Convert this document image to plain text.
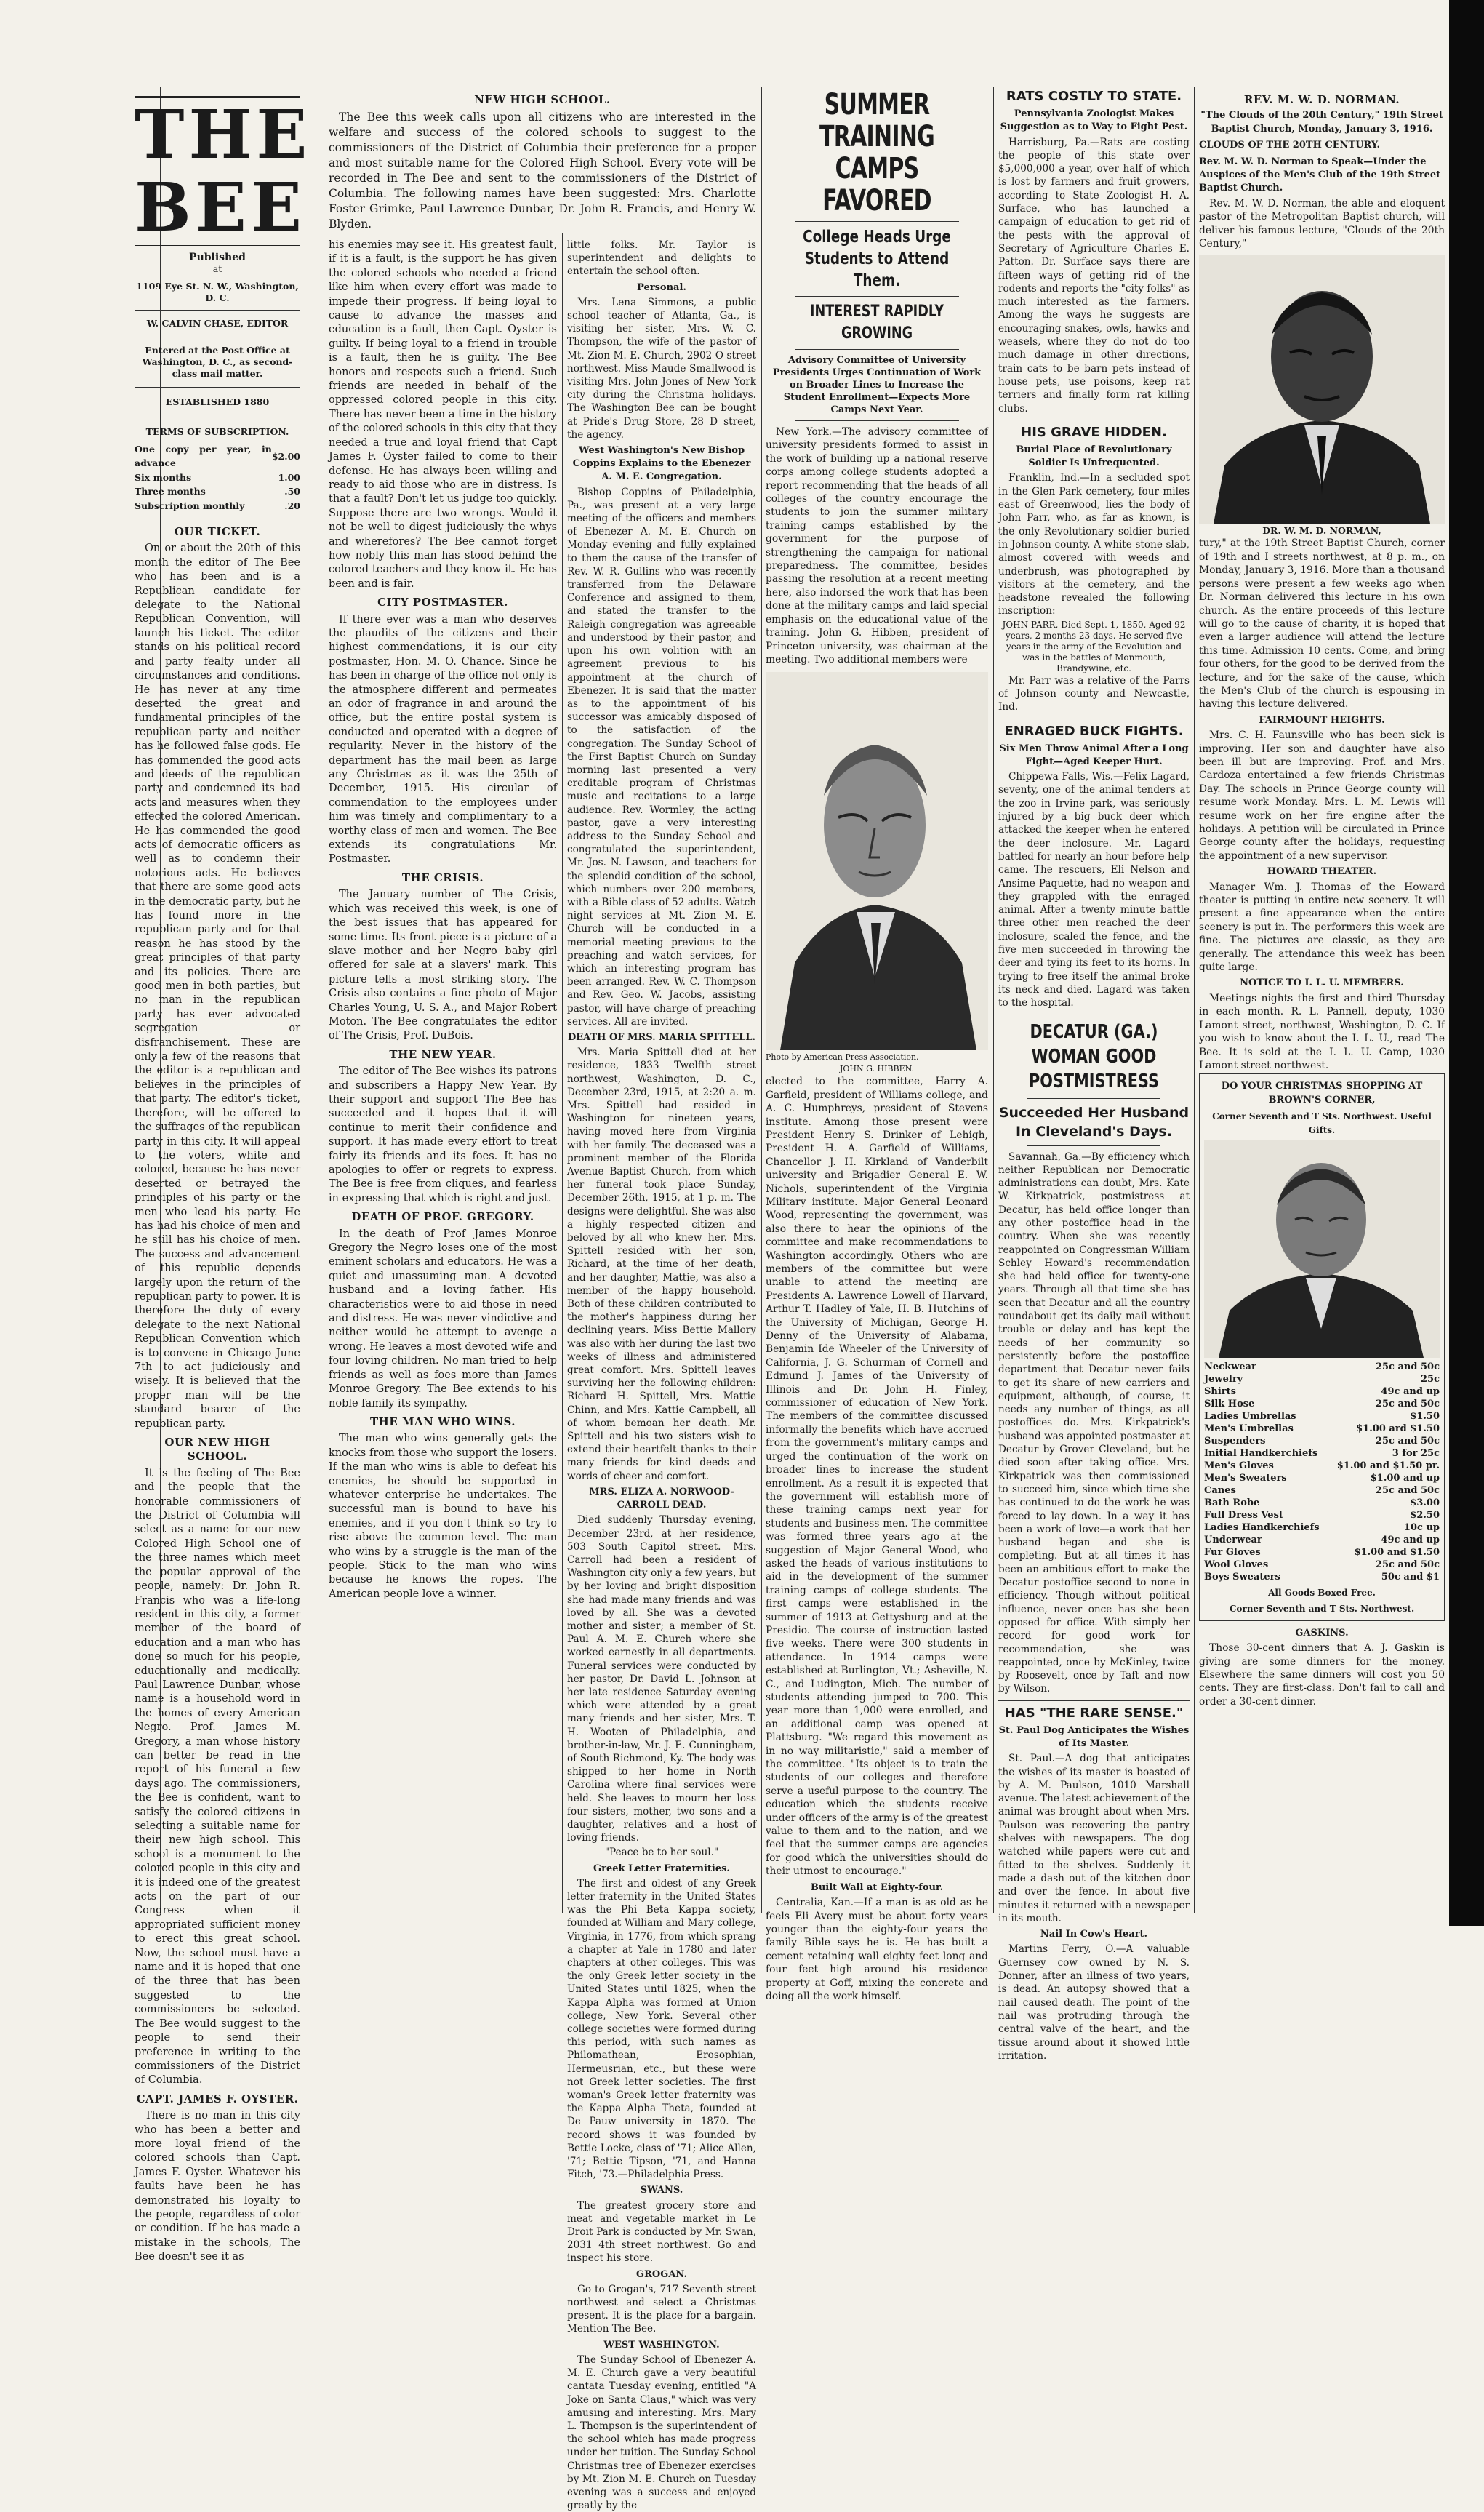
THE BEE
Published
at
1109 Eye St. N. W., Washington, D. C.
W. CALVIN CHASE, EDITOR
Entered at the Post Office at Washington, D. C., as second-class mail matter.
ESTABLISHED 1880
TERMS OF SUBSCRIPTION.
One copy per year, in advance	$2.00
Six months	1.00
Three months	.50
Subscription monthly	.20
OUR TICKET.

On or about the 20th of this month the editor of The Bee who has been and is a Republican candidate for delegate to the National Republican Convention, will launch his ticket. The editor stands on his political record and party fealty under all circumstances and conditions. He has never at any time deserted the great and fundamental principles of the republican party and neither has he followed false gods. He has commended the good acts and deeds of the republican party and condemned its bad acts and measures when they effected the colored American. He has commended the good acts of democratic officers as well as to condemn their notorious acts. He believes that there are some good acts in the democratic party, but he has found more in the republican party and for that reason he has stood by the great principles of that party and its policies. There are good men in both parties, but no man in the republican party has ever advocated segregation or disfranchisement. These are only a few of the reasons that the editor is a republican and believes in the principles of that party. The editor's ticket, therefore, will be offered to the suffrages of the republican party in this city. It will appeal to the voters, white and colored, because he has never deserted or betrayed the principles of his party or the men who lead his party. He has had his choice of men and he still has his choice of men. The success and advancement of this republic depends largely upon the return of the republican party to power. It is therefore the duty of every delegate to the next National Republican Convention which is to convene in Chicago June 7th to act judiciously and wisely. It is believed that the proper man will be the standard bearer of the republican party.

OUR NEW HIGH SCHOOL.

It is the feeling of The Bee and the people that the honorable commissioners of the District of Columbia will select as a name for our new Colored High School one of the three names which meet the popular approval of the people, namely: Dr. John R. Francis who was a life-long resident in this city, a former member of the board of education and a man who has done so much for his people, educationally and medically. Paul Lawrence Dunbar, whose name is a household word in the homes of every American Negro. Prof. James M. Gregory, a man whose history can better be read in the report of his funeral a few days ago. The commissioners, the Bee is confident, want to satisfy the colored citizens in selecting a suitable name for their new high school. This school is a monument to the colored people in this city and it is indeed one of the greatest acts on the part of our Congress when it appropriated sufficient money to erect this great school. Now, the school must have a name and it is hoped that one of the three that has been suggested to the commissioners be selected. The Bee would suggest to the people to send their preference in writing to the commissioners of the District of Columbia.

CAPT. JAMES F. OYSTER.

There is no man in this city who has been a better and more loyal friend of the colored schools than Capt. James F. Oyster. Whatever his faults have been he has demonstrated his loyalty to the people, regardless of color or condition. If he has made a mistake in the schools, The Bee doesn't see it as

NEW HIGH SCHOOL.

The Bee this week calls upon all citizens who are interested in the welfare and success of the colored schools to suggest to the commissioners of the District of Columbia their preference for a proper and most suitable name for the Colored High School. Every vote will be recorded in The Bee and sent to the commissioners of the District of Columbia. The following names have been suggested: Mrs. Charlotte Foster Grimke, Paul Lawrence Dunbar, Dr. John R. Francis, and Henry W. Blyden.

his enemies may see it. His greatest fault, if it is a fault, is the support he has given the colored schools who needed a friend like him when every effort was made to impede their progress. If being loyal to cause to advance the masses and education is a fault, then Capt. Oyster is guilty. If being loyal to a friend in trouble is a fault, then he is guilty. The Bee honors and respects such a friend. Such friends are needed in behalf of the oppressed colored people in this city. There has never been a time in the history of the colored schools in this city that they needed a true and loyal friend that Capt James F. Oyster failed to come to their defense. He has always been willing and ready to aid those who are in distress. Is that a fault? Don't let us judge too quickly. Suppose there are two wrongs. Would it not be well to digest judiciously the whys and wherefores? The Bee cannot forget how nobly this man has stood behind the colored teachers and they know it. He has been and is fair.

CITY POSTMASTER.

If there ever was a man who deserves the plaudits of the citizens and their highest commendations, it is our city postmaster, Hon. M. O. Chance. Since he has been in charge of the office not only is the atmosphere different and permeates an odor of fragrance in and around the office, but the entire postal system is conducted and operated with a degree of regularity. Never in the history of the department has the mail been as large any Christmas as it was the 25th of December, 1915. His circular of commendation to the employees under him was timely and complimentary to a worthy class of men and women. The Bee extends its congratulations Mr. Postmaster.

THE CRISIS.

The January number of The Crisis, which was received this week, is one of the best issues that has appeared for some time. Its front piece is a picture of a slave mother and her Negro baby girl offered for sale at a slavers' mark. This picture tells a most striking story. The Crisis also contains a fine photo of Major Charles Young, U. S. A., and Major Robert Moton. The Bee congratulates the editor of The Crisis, Prof. DuBois.

THE NEW YEAR.

The editor of The Bee wishes its patrons and subscribers a Happy New Year. By their support and support The Bee has succeeded and it hopes that it will continue to merit their confidence and support. It has made every effort to treat fairly its friends and its foes. It has no apologies to offer or regrets to express. The Bee is free from cliques, and fearless in expressing that which is right and just.

DEATH OF PROF. GREGORY.

In the death of Prof James Monroe Gregory the Negro loses one of the most eminent scholars and educators. He was a quiet and unassuming man. A devoted husband and a loving father. His characteristics were to aid those in need and distress. He was never vindictive and neither would he attempt to avenge a wrong. He leaves a most devoted wife and four loving children. No man tried to help friends as well as foes more than James Monroe Gregory. The Bee extends to his noble family its sympathy.

THE MAN WHO WINS.

The man who wins generally gets the knocks from those who support the losers. If the man who wins is able to defeat his enemies, he should be supported in whatever enterprise he undertakes. The successful man is bound to have his enemies, and if you don't think so try to rise above the common level. The man who wins by a struggle is the man of the people. Stick to the man who wins because he knows the ropes. The American people love a winner.

little folks. Mr. Taylor is superintendent and delights to entertain the school often.

Personal.

Mrs. Lena Simmons, a public school teacher of Atlanta, Ga., is visiting her sister, Mrs. W. C. Thompson, the wife of the pastor of Mt. Zion M. E. Church, 2902 O street northwest. Miss Maude Smallwood is visiting Mrs. John Jones of New York city during the Christma holidays. The Washington Bee can be bought at Pride's Drug Store, 28 D street, the agency.

West Washington's New Bishop Coppins Explains to the Ebenezer A. M. E. Congregation.

Bishop Coppins of Philadelphia, Pa., was present at a very large meeting of the officers and members of Ebenezer A. M. E. Church on Monday evening and fully explained to them the cause of the transfer of Rev. W. R. Gullins who was recently transferred from the Delaware Conference and assigned to them, and stated the transfer to the Raleigh congregation was agreeable and understood by their pastor, and upon his own volition with an agreement previous to his appointment at the church of Ebenezer. It is said that the matter as to the appointment of his successor was amicably disposed of to the satisfaction of the congregation. The Sunday School of the First Baptist Church on Sunday morning last presented a very creditable program of Christmas music and recitations to a large audience. Rev. Wormley, the acting pastor, gave a very interesting address to the Sunday School and congratulated the superintendent, Mr. Jos. N. Lawson, and teachers for the splendid condition of the school, which numbers over 200 members, with a Bible class of 52 adults. Watch night services at Mt. Zion M. E. Church will be conducted in a memorial meeting previous to the preaching and watch services, for which an interesting program has been arranged. Rev. W. C. Thompson and Rev. Geo. W. Jacobs, assisting pastor, will have charge of preaching services. All are invited.

DEATH OF MRS. MARIA SPITTELL.

Mrs. Maria Spittell died at her residence, 1833 Twelfth street northwest, Washington, D. C., December 23rd, 1915, at 2:20 a. m. Mrs. Spittell had resided in Washington for nineteen years, having moved here from Virginia with her family. The deceased was a prominent member of the Florida Avenue Baptist Church, from which her funeral took place Sunday, December 26th, 1915, at 1 p. m. The designs were delightful. She was also a highly respected citizen and beloved by all who knew her. Mrs. Spittell resided with her son, Richard, at the time of her death, and her daughter, Mattie, was also a member of the happy household. Both of these children contributed to the mother's happiness during her declining years. Miss Bettie Mallory was also with her during the last two weeks of illness and administered great comfort. Mrs. Spittell leaves surviving her the following children: Richard H. Spittell, Mrs. Mattie Chinn, and Mrs. Kattie Campbell, all of whom bemoan her death. Mr. Spittell and his two sisters wish to extend their heartfelt thanks to their many friends for kind deeds and words of cheer and comfort.

MRS. ELIZA A. NORWOOD-CARROLL DEAD.

Died suddenly Thursday evening, December 23rd, at her residence, 503 South Capitol street. Mrs. Carroll had been a resident of Washington city only a few years, but by her loving and bright disposition she had made many friends and was loved by all. She was a devoted mother and sister; a member of St. Paul A. M. E. Church where she worked earnestly in all departments. Funeral services were conducted by her pastor, Dr. David L. Johnson at her late residence Saturday evening which were attended by a great many friends and her sister, Mrs. T. H. Wooten of Philadelphia, and brother-in-law, Mr. J. E. Cunningham, of South Richmond, Ky. The body was shipped to her home in North Carolina where final services were held. She leaves to mourn her loss four sisters, mother, two sons and a daughter, relatives and a host of loving friends.

"Peace be to her soul."
Greek Letter Fraternities.

The first and oldest of any Greek letter fraternity in the United States was the Phi Beta Kappa society, founded at William and Mary college, Virginia, in 1776, from which sprang a chapter at Yale in 1780 and later chapters at other colleges. This was the only Greek letter society in the United States until 1825, when the Kappa Alpha was formed at Union college, New York. Several other college societies were formed during this period, with such names as Philomathean, Erosophian, Hermeusrian, etc., but these were not Greek letter societies. The first woman's Greek letter fraternity was the Kappa Alpha Theta, founded at De Pauw university in 1870. The record shows it was founded by Bettie Locke, class of '71; Alice Allen, '71; Bettie Tipson, '71, and Hanna Fitch, '73.—Philadelphia Press.

SWANS.

The greatest grocery store and meat and vegetable market in Le Droit Park is conducted by Mr. Swan, 2031 4th street northwest. Go and inspect his store.

GROGAN.

Go to Grogan's, 717 Seventh street northwest and select a Christmas present. It is the place for a bargain. Mention The Bee.

WEST WASHINGTON.

The Sunday School of Ebenezer A. M. E. Church gave a very beautiful cantata Tuesday evening, entitled "A Joke on Santa Claus," which was very amusing and interesting. Mrs. Mary L. Thompson is the superintendent of the school which has made progress under her tuition. The Sunday School Christmas tree of Ebenezer exercises by Mt. Zion M. E. Church on Tuesday evening was a success and enjoyed greatly by the

SUMMER TRAINING CAMPS FAVORED
College Heads Urge Students to Attend Them.
INTEREST RAPIDLY GROWING
Advisory Committee of University Presidents Urges Continuation of Work on Broader Lines to Increase the Student Enrollment—Expects More Camps Next Year.

New York.—The advisory committee of university presidents formed to assist in the work of building up a national reserve corps among college students adopted a report recommending that the heads of all colleges of the country encourage the students to join the summer military training camps established by the government for the purpose of strengthening the campaign for national preparedness. The committee, besides passing the resolution at a recent meeting here, also indorsed the work that has been done at the military camps and laid special emphasis on the educational value of the training. John G. Hibben, president of Princeton university, was chairman at the meeting. Two additional members were

Photo by American Press Association.
JOHN G. HIBBEN.

elected to the committee, Harry A. Garfield, president of Williams college, and A. C. Humphreys, president of Stevens institute. Among those present were President Henry S. Drinker of Lehigh, President H. A. Garfield of Williams, Chancellor J. H. Kirkland of Vanderbilt university and Brigadier General E. W. Nichols, superintendent of the Virginia Military institute. Major General Leonard Wood, representing the government, was also there to hear the opinions of the committee and make recommendations to Washington accordingly. Others who are members of the committee but were unable to attend the meeting are Presidents A. Lawrence Lowell of Harvard, Arthur T. Hadley of Yale, H. B. Hutchins of the University of Michigan, George H. Denny of the University of Alabama, Benjamin Ide Wheeler of the University of California, J. G. Schurman of Cornell and Edmund J. James of the University of Illinois and Dr. John H. Finley, commissioner of education of New York. The members of the committee discussed informally the benefits which have accrued from the government's military camps and urged the continuation of the work on broader lines to increase the student enrollment. As a result it is expected that the government will establish more of these training camps next year for students and business men. The committee was formed three years ago at the suggestion of Major General Wood, who asked the heads of various institutions to aid in the development of the summer training camps of college students. The first camps were established in the summer of 1913 at Gettysburg and at the Presidio. The course of instruction lasted five weeks. There were 300 students in attendance. In 1914 camps were established at Burlington, Vt.; Asheville, N. C., and Ludington, Mich. The number of students attending jumped to 700. This year more than 1,000 were enrolled, and an additional camp was opened at Plattsburg. "We regard this movement as in no way militaristic," said a member of the committee. "Its object is to train the students of our colleges and therefore serve a useful purpose to the country. The education which the students receive under officers of the army is of the greatest value to them and to the nation, and we feel that the summer camps are agencies for good which the universities should do their utmost to encourage."

Built Wall at Eighty-four.

Centralia, Kan.—If a man is as old as he feels Eli Avery must be about forty years younger than the eighty-four years the family Bible says he is. He has built a cement retaining wall eighty feet long and four feet high around his residence property at Goff, mixing the concrete and doing all the work himself.

RATS COSTLY TO STATE.
Pennsylvania Zoologist Makes Suggestion as to Way to Fight Pest.

Harrisburg, Pa.—Rats are costing the people of this state over $5,000,000 a year, over half of which is lost by farmers and fruit growers, according to State Zoologist H. A. Surface, who has launched a campaign of education to get rid of the pests with the approval of Secretary of Agriculture Charles E. Patton. Dr. Surface says there are fifteen ways of getting rid of the rodents and reports the "city folks" as much interested as the farmers. Among the ways he suggests are encouraging snakes, owls, hawks and weasels, where they do not do too much damage in other directions, train cats to be barn pets instead of house pets, use poisons, keep rat terriers and finally form rat killing clubs.

HIS GRAVE HIDDEN.
Burial Place of Revolutionary Soldier Is Unfrequented.

Franklin, Ind.—In a secluded spot in the Glen Park cemetery, four miles east of Greenwood, lies the body of John Parr, who, as far as known, is the only Revolutionary soldier buried in Johnson county. A white stone slab, almost covered with weeds and underbrush, was photographed by visitors at the cemetery, and the headstone revealed the following inscription:

JOHN PARR, Died Sept. 1, 1850, Aged 92 years, 2 months 23 days. He served five years in the army of the Revolution and was in the battles of Monmouth, Brandywine, etc.

Mr. Parr was a relative of the Parrs of Johnson county and Newcastle, Ind.

ENRAGED BUCK FIGHTS.
Six Men Throw Animal After a Long Fight—Aged Keeper Hurt.

Chippewa Falls, Wis.—Felix Lagard, seventy, one of the animal tenders at the zoo in Irvine park, was seriously injured by a big buck deer which attacked the keeper when he entered the deer inclosure. Mr. Lagard battled for nearly an hour before help came. The rescuers, Eli Nelson and Ansime Paquette, had no weapon and they grappled with the enraged animal. After a twenty minute battle three other men reached the deer inclosure, scaled the fence, and the five men succeeded in throwing the deer and tying its feet to its horns. In trying to free itself the animal broke its neck and died. Lagard was taken to the hospital.

DECATUR (GA.) WOMAN GOOD POSTMISTRESS
Succeeded Her Husband In Cleveland's Days.

Savannah, Ga.—By efficiency which neither Republican nor Democratic administrations can doubt, Mrs. Kate W. Kirkpatrick, postmistress at Decatur, has held office longer than any other postoffice head in the country. When she was recently reappointed on Congressman William Schley Howard's recommendation she had held office for twenty-one years. Through all that time she has seen that Decatur and all the country roundabout get its daily mail without trouble or delay and has kept the needs of her community so persistently before the postoffice department that Decatur never fails to get its share of new carriers and equipment, although, of course, it needs any number of things, as all postoffices do. Mrs. Kirkpatrick's husband was appointed postmaster at Decatur by Grover Cleveland, but he died soon after taking office. Mrs. Kirkpatrick was then commissioned to succeed him, since which time she has continued to do the work he was forced to lay down. In a way it has been a work of love—a work that her husband began and she is completing. But at all times it has been an ambitious effort to make the Decatur postoffice second to none in efficiency. Though without political influence, never once has she been opposed for office. With simply her record for good work for recommendation, she was reappointed, once by McKinley, twice by Roosevelt, once by Taft and now by Wilson.

HAS "THE RARE SENSE."
St. Paul Dog Anticipates the Wishes of Its Master.

St. Paul.—A dog that anticipates the wishes of its master is boasted of by A. M. Paulson, 1010 Marshall avenue. The latest achievement of the animal was brought about when Mrs. Paulson was recovering the pantry shelves with newspapers. The dog watched while papers were cut and fitted to the shelves. Suddenly it made a dash out of the kitchen door and over the fence. In about five minutes it returned with a newspaper in its mouth.

Nail In Cow's Heart.

Martins Ferry, O.—A valuable Guernsey cow owned by N. S. Donner, after an illness of two years, is dead. An autopsy showed that a nail caused death. The point of the nail was protruding through the central valve of the heart, and the tissue around about it showed little irritation.

REV. M. W. D. NORMAN.
"The Clouds of the 20th Century," 19th Street Baptist Church, Monday, January 3, 1916.
CLOUDS OF THE 20TH CENTURY.
Rev. M. W. D. Norman to Speak—Under the Auspices of the Men's Club of the 19th Street Baptist Church.

Rev. M. W. D. Norman, the able and eloquent pastor of the Metropolitan Baptist church, will deliver his famous lecture, "Clouds of the 20th Century,"

DR. W. M. D. NORMAN,

tury," at the 19th Street Baptist Church, corner of 19th and I streets northwest, at 8 p. m., on Monday, January 3, 1916. More than a thousand persons were present a few weeks ago when Dr. Norman delivered this lecture in his own church. As the entire proceeds of this lecture will go to the cause of charity, it is hoped that even a larger audience will attend the lecture this time. Admission 10 cents. Come, and bring four others, for the good to be derived from the lecture, and for the sake of the cause, which the Men's Club of the church is espousing in having this lecture delivered.

FAIRMOUNT HEIGHTS.

Mrs. C. H. Faunsville who has been sick is improving. Her son and daughter have also been ill but are improving. Prof. and Mrs. Cardoza entertained a few friends Christmas Day. The schools in Prince George county will resume work Monday. Mrs. L. M. Lewis will resume work on her fire engine after the holidays. A petition will be circulated in Prince George county after the holidays, requesting the appointment of a new supervisor.

HOWARD THEATER.

Manager Wm. J. Thomas of the Howard theater is putting in entire new scenery. It will present a fine appearance when the entire scenery is put in. The performers this week are fine. The pictures are classic, as they are generally. The attendance this week has been quite large.

NOTICE TO I. L. U. MEMBERS.

Meetings nights the first and third Thursday in each month. R. L. Pannell, deputy, 1030 Lamont street, northwest, Washington, D. C. If you wish to know about the I. L. U., read The Bee. It is sold at the I. L. U. Camp, 1030 Lamont street northwest.

DO YOUR CHRISTMAS SHOPPING AT BROWN'S CORNER,
Corner Seventh and T Sts. Northwest. Useful Gifts.
Neckwear	25c and 50c
Jewelry	25c
Shirts	49c and up
Silk Hose	25c and 50c
Ladies Umbrellas	$1.50
Men's Umbrellas	$1.00 ard $1.50
Suspenders	25c and 50c
Initial Handkerchiefs	3 for 25c
Men's Gloves	$1.00 and $1.50 pr.
Men's Sweaters	$1.00 and up
Canes	25c and 50c
Bath Robe	$3.00
Full Dress Vest	$2.50
Ladies Handkerchiefs	10c up
Underwear	49c and up
Fur Gloves	$1.00 and $1.50
Wool Gloves	25c and 50c
Boys Sweaters	50c and $1
All Goods Boxed Free.
Corner Seventh and T Sts. Northwest.
GASKINS.

Those 30-cent dinners that A. J. Gaskin is giving are some dinners for the money. Elsewhere the same dinners will cost you 50 cents. They are first-class. Don't fail to call and order a 30-cent dinner.
